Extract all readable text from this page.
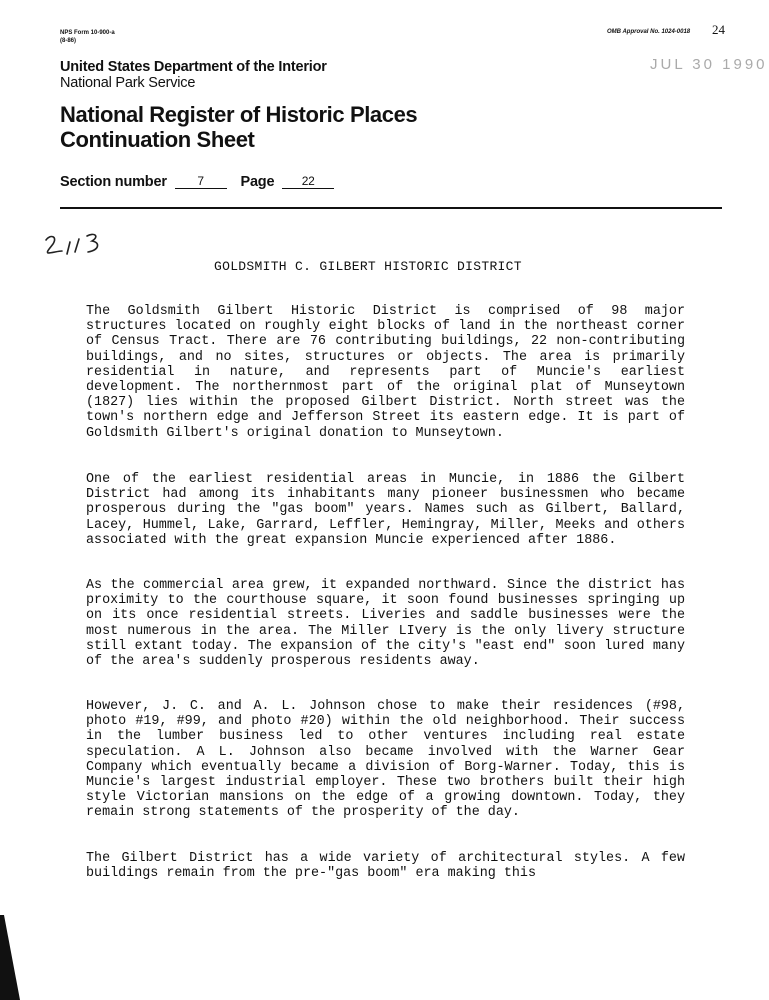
NPS Form 10-900-a
(8-86)
OMB Approval No. 1024-0018 24
JUL 30 1990
United States Department of the Interior
National Park Service
National Register of Historic Places
Continuation Sheet
Section number	7	Page 22
GOLDSMITH C. GILBERT HISTORIC DISTRICT
The Goldsmith Gilbert Historic District is comprised of 98 major structures located on roughly eight blocks of land in the northeast corner of Census Tract. There are 76 contributing buildings, 22 non-contributing buildings, and no sites, structures or objects. The area is primarily residential in nature, and represents part of Muncie's earliest development. The northernmost part of the original plat of Munseytown (1827) lies within the proposed Gilbert District. North street was the town's northern edge and Jefferson Street its eastern edge. It is part of Goldsmith Gilbert's original donation to Munseytown.
One of the earliest residential areas in Muncie, in 1886 the Gilbert District had among its inhabitants many pioneer businessmen who became prosperous during the "gas boom" years. Names such as Gilbert, Ballard, Lacey, Hummel, Lake, Garrard, Leffler, Hemingray, Miller, Meeks and others associated with the great expansion Muncie experienced after 1886.
As the commercial area grew, it expanded northward. Since the district has proximity to the courthouse square, it soon found businesses springing up on its once residential streets. Liveries and saddle businesses were the most numerous in the area. The Miller LIvery is the only livery structure still extant today. The expansion of the city's "east end" soon lured many of the area's suddenly prosperous residents away.
However, J. C. and A. L. Johnson chose to make their residences (#98, photo #19, #99, and photo #20) within the old neighborhood. Their success in the lumber business led to other ventures including real estate speculation. A L. Johnson also became involved with the Warner Gear Company which eventually became a division of Borg-Warner. Today, this is Muncie's largest industrial employer. These two brothers built their high style Victorian mansions on the edge of a growing downtown. Today, they remain strong statements of the prosperity of the day.
The Gilbert District has a wide variety of architectural styles. A few buildings remain from the pre-"gas boom" era making this
